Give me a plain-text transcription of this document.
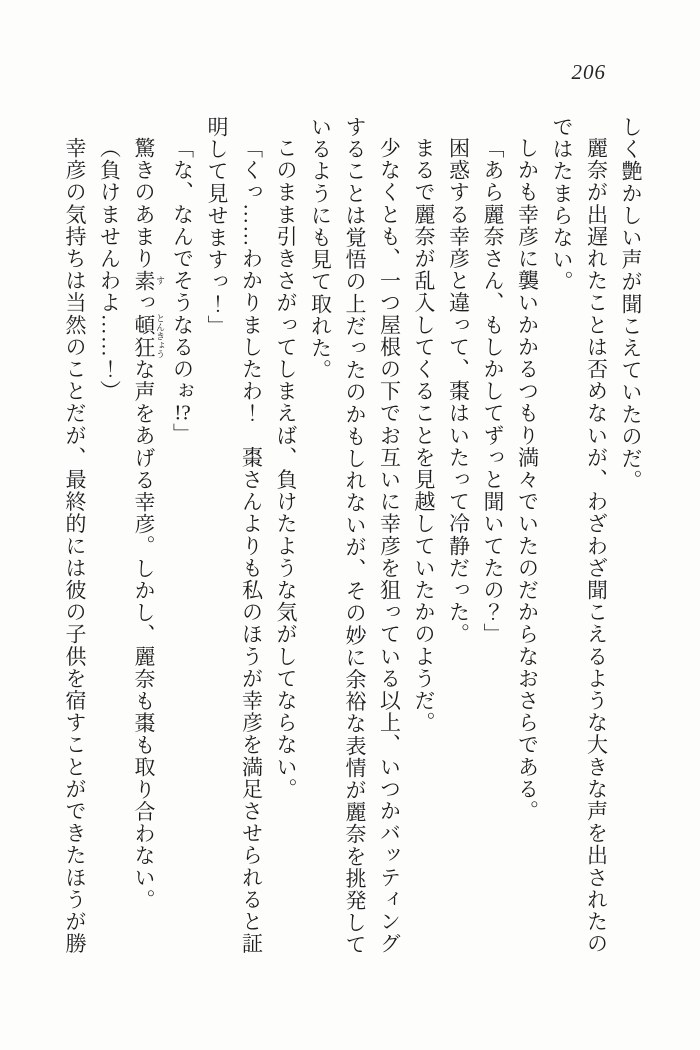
206

しく艶かしい声が聞こえていたのだ。

麗奈が出遅れたことは否めないが、わざわざ聞こえるような大きな声を出されたのではたまらない。

しかも幸彦に襲いかかるつもり満々でいたのだからなおさらである。

「あら麗奈さん、もしかしてずっと聞いてたの？」

困惑する幸彦と違って、棗はいたって冷静だった。

まるで麗奈が乱入してくることを見越していたかのようだ。

少なくとも、一つ屋根の下でお互いに幸彦を狙っている以上、いつかバッティングすることは覚悟の上だったのかもしれないが、その妙に余裕な表情が麗奈を挑発しているようにも見て取れた。

このまま引きさがってしまえば、負けたような気がしてならない。

「くっ……わかりましたわ！　棗さんよりも私のほうが幸彦を満足させられると証明して見せますっ！」

「な、なんでそうなるのぉ!?」

驚きのあまり素 すっ頓狂 とんきょうな声をあげる幸彦。しかし、麗奈も棗も取り合わない。

（負けませんわよ……！）

幸彦の気持ちは当然のことだが、最終的には彼の子供を宿すことができたほうが勝
